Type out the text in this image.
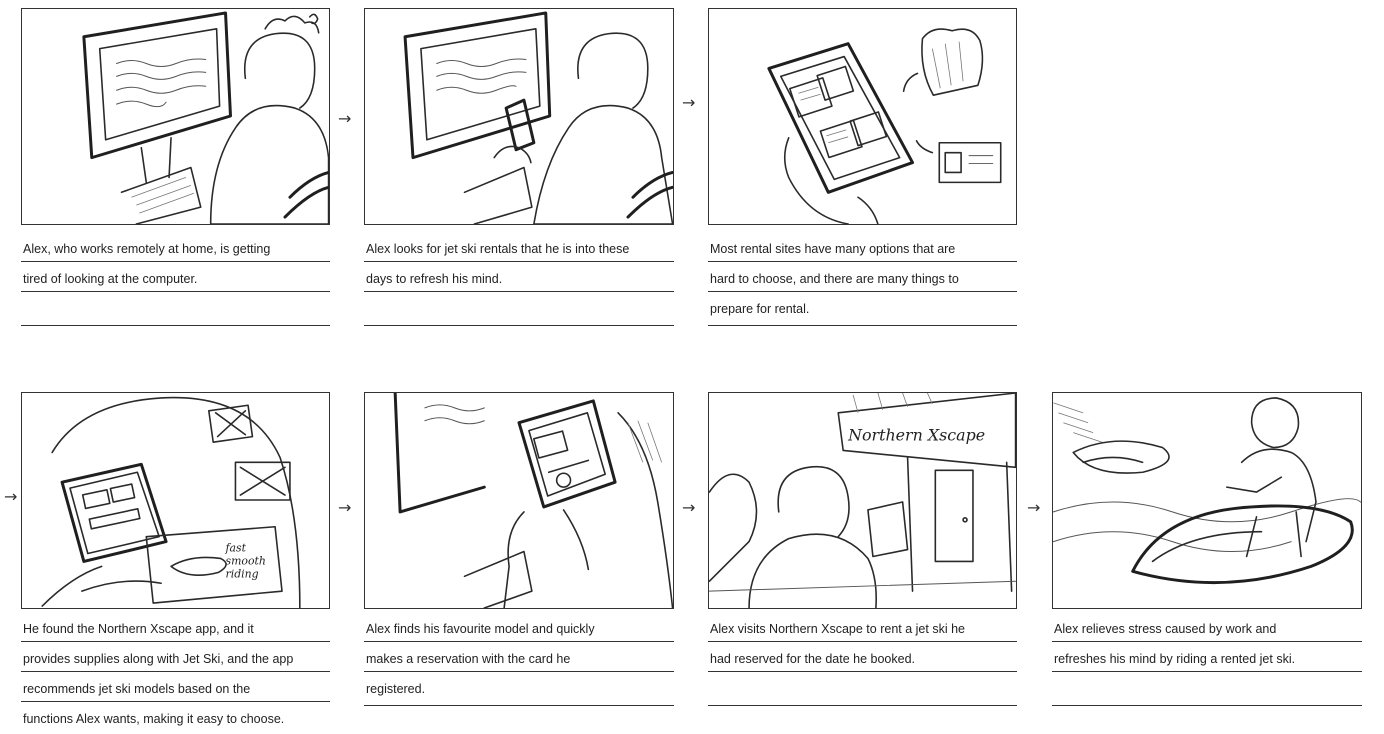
Alex, who works remotely at home, is getting
tired of looking at the computer.
→
Alex looks for jet ski rentals that he is into these
days to refresh his mind.
→
Most rental sites have many options that are
hard to choose, and there are many things to
prepare for rental.
→
fast smooth riding
He found the Northern Xscape app, and it
provides supplies along with Jet Ski, and the app
recommends jet ski models based on the
functions Alex wants, making it easy to choose.
→
Alex finds his favourite model and quickly
makes a reservation with the card he
registered.
→
Northern Xscape
Alex visits Northern Xscape to rent a jet ski he
had reserved for the date he booked.
→
Alex relieves stress caused by work and
refreshes his mind by riding a rented jet ski.
